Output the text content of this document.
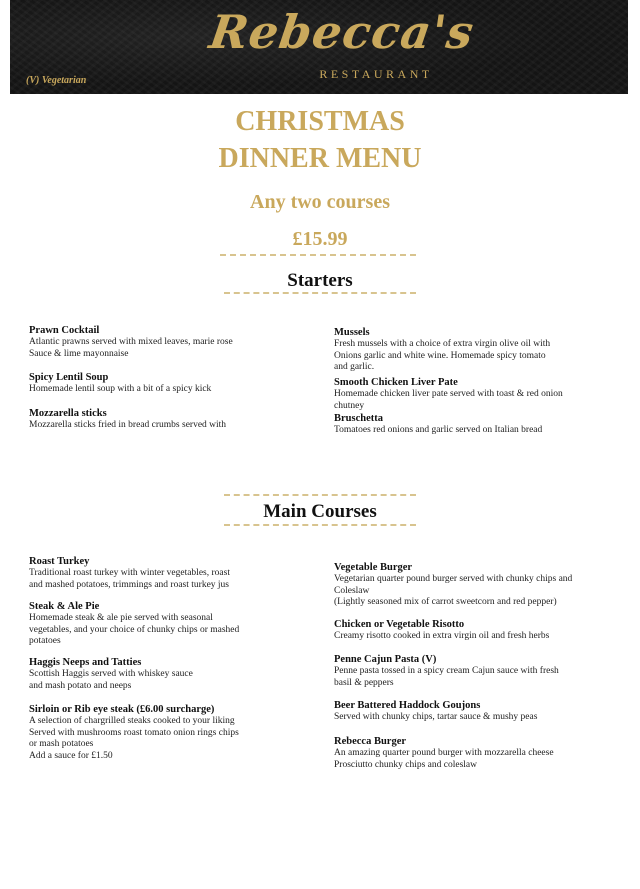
Rebecca's
RESTAURANT
(V) Vegetarian
CHRISTMAS
DINNER MENU
Any two courses
£15.99
Starters
Prawn Cocktail
Atlantic prawns served with mixed leaves, marie rose
Sauce & lime mayonnaise
Spicy Lentil Soup
Homemade lentil soup with a bit of a spicy kick
Mozzarella sticks
Mozzarella sticks fried in bread crumbs served with
Mussels
Fresh mussels with a choice of extra virgin olive oil with
Onions garlic and white wine. Homemade spicy tomato
and garlic.
Smooth Chicken Liver Pate
Homemade chicken liver pate served with toast & red onion
chutney
Bruschetta
Tomatoes red onions and garlic served on Italian bread
Main Courses
Roast Turkey
Traditional roast turkey with winter vegetables, roast
and mashed potatoes, trimmings and roast turkey jus
Steak & Ale Pie
Homemade steak & ale pie served with seasonal
vegetables, and your choice of chunky chips or mashed
potatoes
Haggis Neeps and Tatties
Scottish Haggis served with whiskey sauce
and mash potato and neeps
Sirloin or Rib eye steak (£6.00 surcharge)
A selection of chargrilled steaks cooked to your liking
Served with mushrooms roast tomato onion rings chips
or mash potatoes
Add a sauce for £1.50
Vegetable Burger
Vegetarian quarter pound burger served with chunky chips and
Coleslaw
(Lightly seasoned mix of carrot sweetcorn and red pepper)
Chicken or Vegetable Risotto
Creamy risotto cooked in extra virgin oil and fresh herbs
Penne Cajun Pasta (V)
Penne pasta tossed in a spicy cream Cajun sauce with fresh
basil & peppers
Beer Battered Haddock Goujons
Served with chunky chips, tartar sauce & mushy peas
Rebecca Burger
An amazing quarter pound burger with mozzarella cheese
Prosciutto chunky chips and coleslaw
